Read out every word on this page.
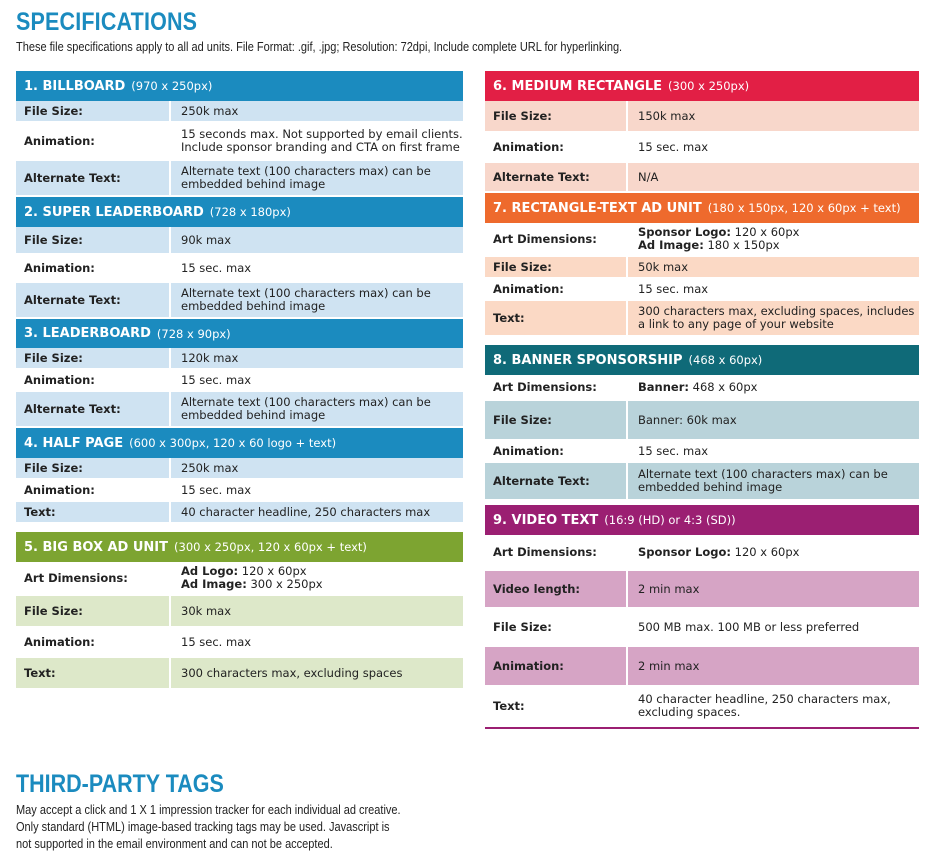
SPECIFICATIONS
These file specifications apply to all ad units. File Format: .gif, .jpg; Resolution: 72dpi, Include complete URL for hyperlinking.
1. BILLBOARD (970 x 250px)
File Size:	250k max
Animation:	15 seconds max. Not supported by email clients. Include sponsor branding and CTA on first frame
Alternate Text:	Alternate text (100 characters max) can be embedded behind image
2. SUPER LEADERBOARD (728 x 180px)
File Size:	90k max
Animation:	15 sec. max
Alternate Text:	Alternate text (100 characters max) can be embedded behind image
3. LEADERBOARD (728 x 90px)
File Size:	120k max
Animation:	15 sec. max
Alternate Text:	Alternate text (100 characters max) can be embedded behind image
4. HALF PAGE (600 x 300px, 120 x 60 logo + text)
File Size:	250k max
Animation:	15 sec. max
Text:	40 character headline, 250 characters max
5. BIG BOX AD UNIT (300 x 250px, 120 x 60px + text)
Art Dimensions:	Ad Logo: 120 x 60px
Ad Image: 300 x 250px
File Size:	30k max
Animation:	15 sec. max
Text:	300 characters max, excluding spaces
6. MEDIUM RECTANGLE (300 x 250px)
File Size:	150k max
Animation:	15 sec. max
Alternate Text:	N/A
7. RECTANGLE-TEXT AD UNIT (180 x 150px, 120 x 60px + text)
Art Dimensions:	Sponsor Logo: 120 x 60px
Ad Image: 180 x 150px
File Size:	50k max
Animation:	15 sec. max
Text:	300 characters max, excluding spaces, includes a link to any page of your website
8. BANNER SPONSORSHIP (468 x 60px)
Art Dimensions:	Banner: 468 x 60px
File Size:	Banner: 60k max
Animation:	15 sec. max
Alternate Text:	Alternate text (100 characters max) can be embedded behind image
9. VIDEO TEXT (16:9 (HD) or 4:3 (SD))
Art Dimensions:	Sponsor Logo: 120 x 60px
Video length:	2 min max
File Size:	500 MB max. 100 MB or less preferred
Animation:	2 min max
Text:	40 character headline, 250 characters max, excluding spaces.
THIRD-PARTY TAGS
May accept a click and 1 X 1 impression tracker for each individual ad creative.
Only standard (HTML) image-based tracking tags may be used. Javascript is
not supported in the email environment and can not be accepted.
